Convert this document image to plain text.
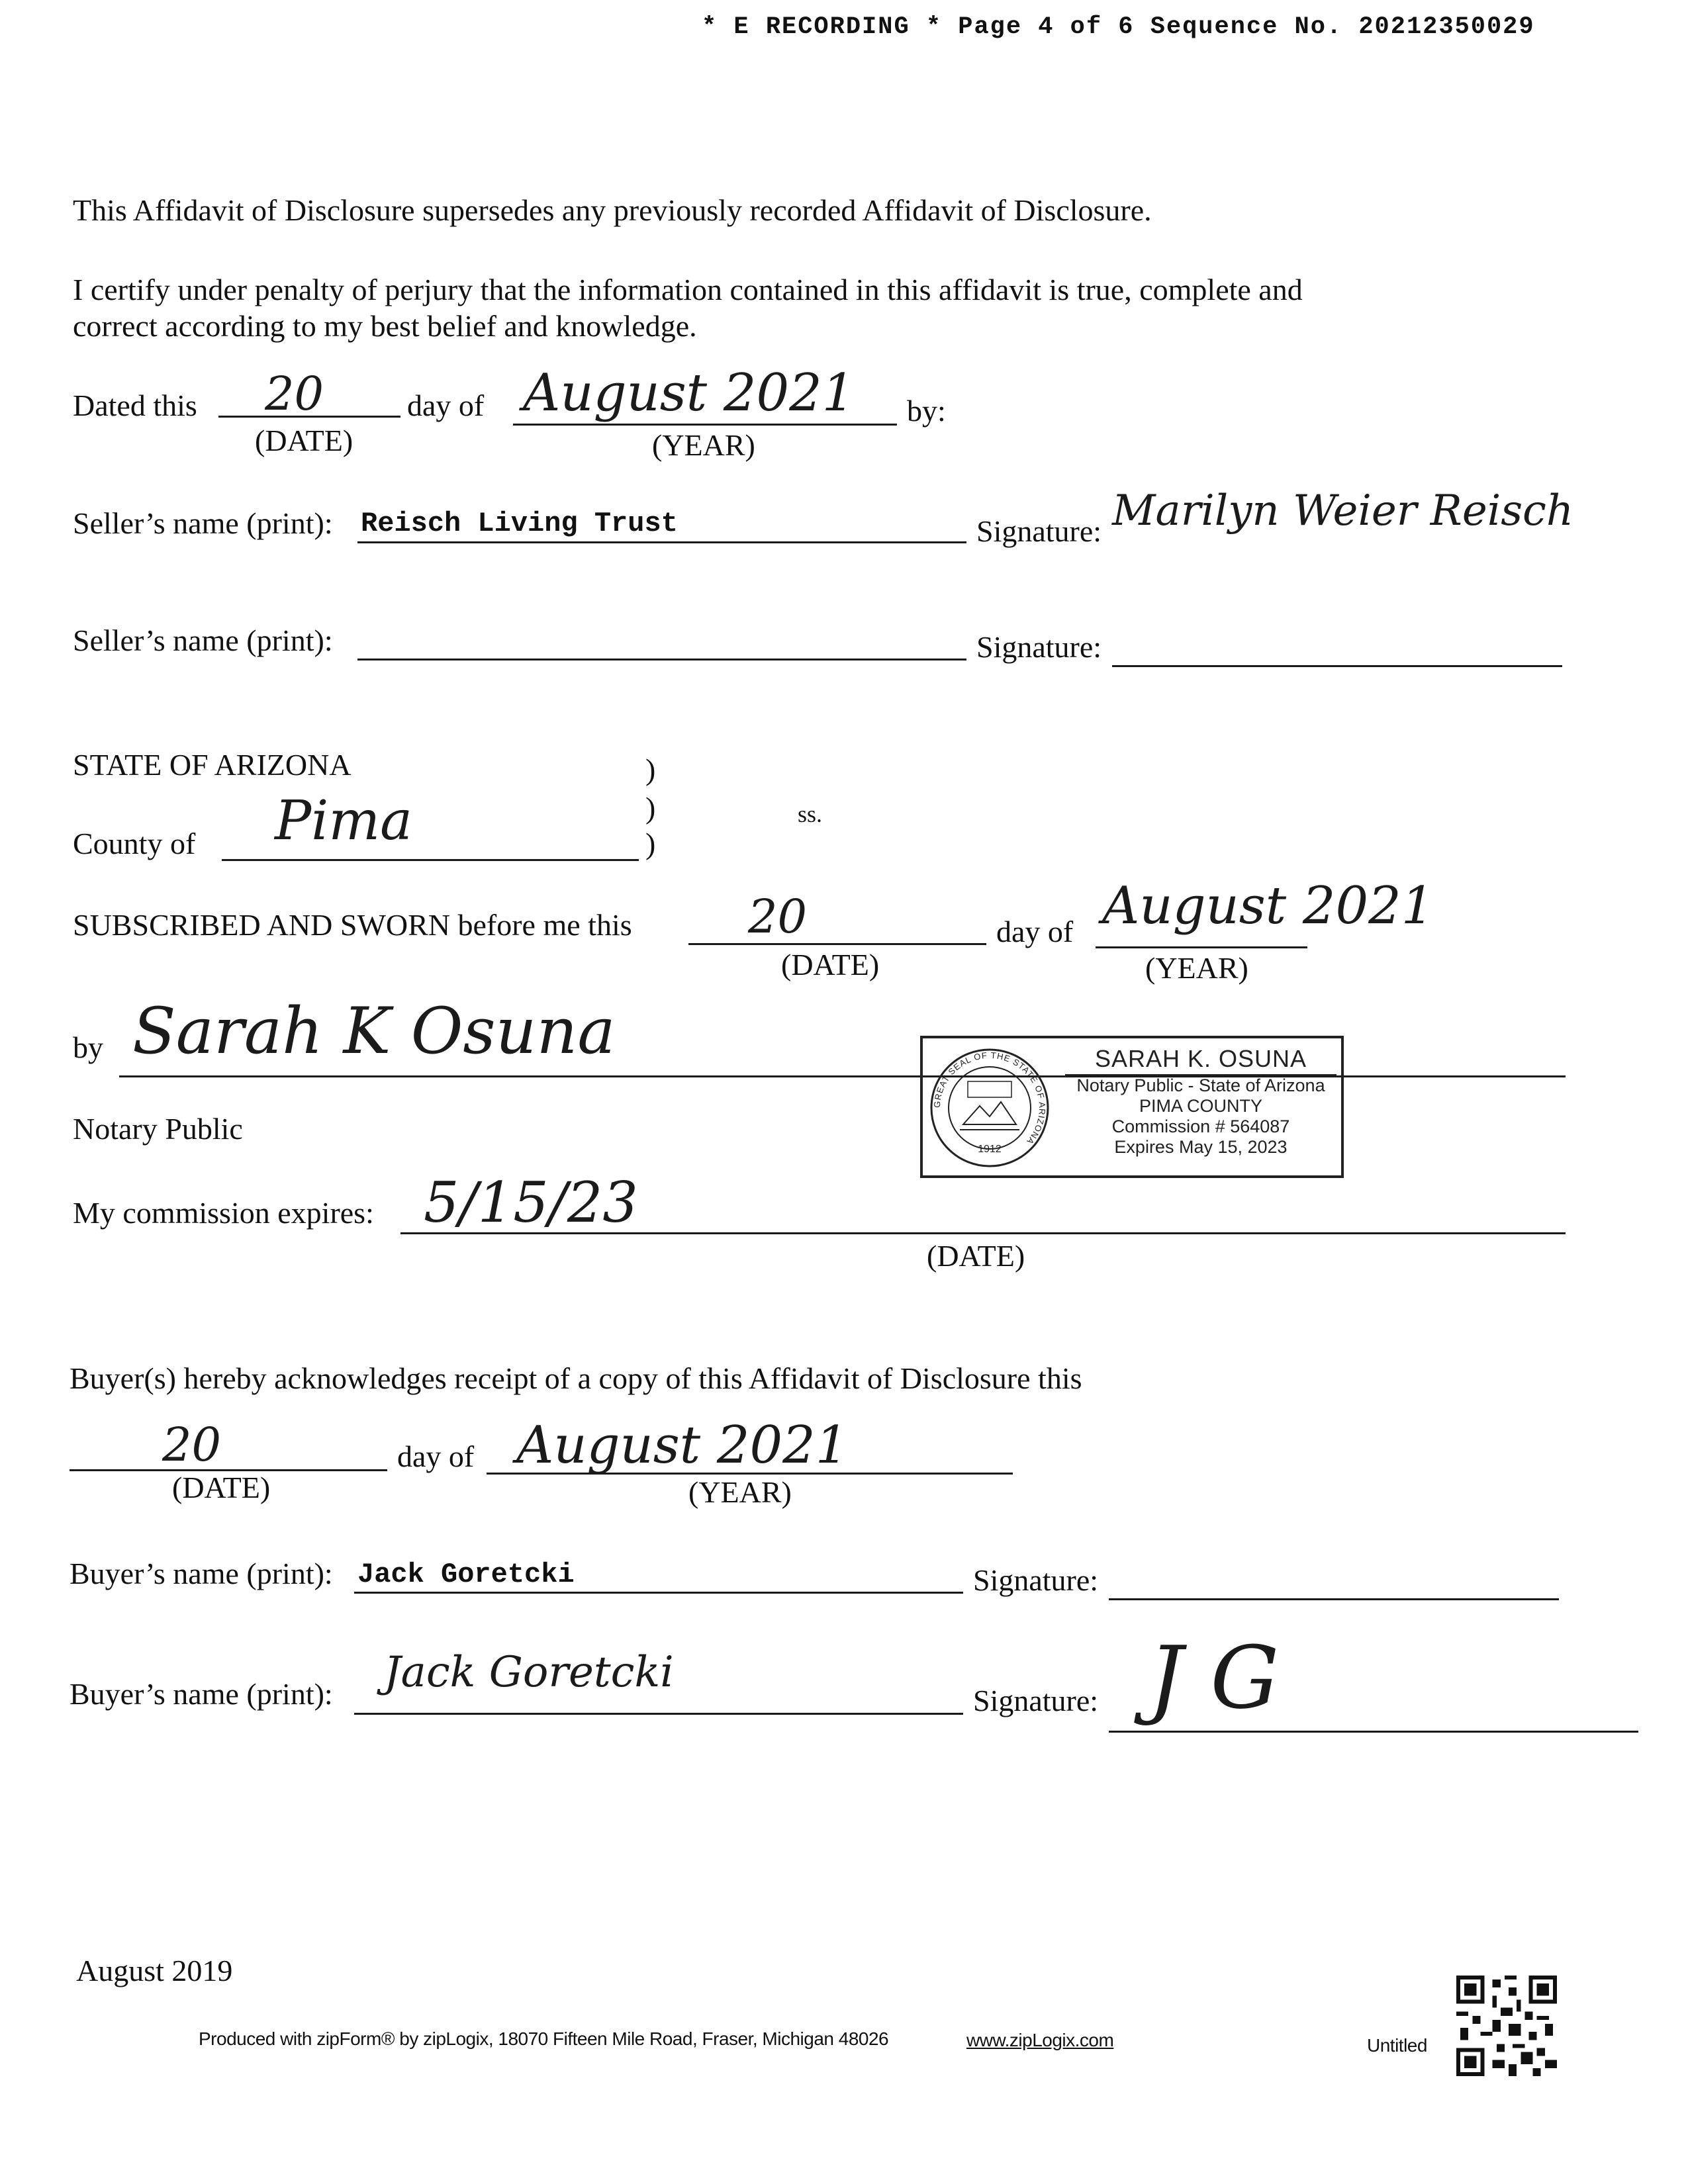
* E RECORDING * Page 4 of 6 Sequence No. 20212350029
This Affidavit of Disclosure supersedes any previously recorded Affidavit of Disclosure.
I certify under penalty of perjury that the information contained in this affidavit is true, complete and
correct according to my best belief and knowledge.
Dated this 20
(DATE)
day of August 2021
(YEAR)
by:
Seller’s name (print): Reisch Living Trust	Signature: Marilyn Weier Reisch
Seller’s name (print):	Signature:
STATE OF ARIZONA	)
)
)
ss.
County of Pima
SUBSCRIBED AND SWORN before me this	20
(DATE)
day of August 2021
(YEAR)
by Sarah K Osuna
Notary Public
GREAT SEAL OF THE STATE OF ARIZONA
1912
SARAH K. OSUNA
Notary Public - State of Arizona
PIMA COUNTY
Commission # 564087
Expires May 15, 2023
My commission expires: 5/15/23
(DATE)
Buyer(s) hereby acknowledges receipt of a copy of this Affidavit of Disclosure this
20
(DATE)
day of August 2021
(YEAR)
Buyer’s name (print): Jack Goretcki	Signature:
Buyer’s name (print): Jack Goretcki
Signature: J G
August 2019
Produced with zipForm® by zipLogix, 18070 Fifteen Mile Road, Fraser, Michigan 48026	www.zipLogix.com	Untitled
